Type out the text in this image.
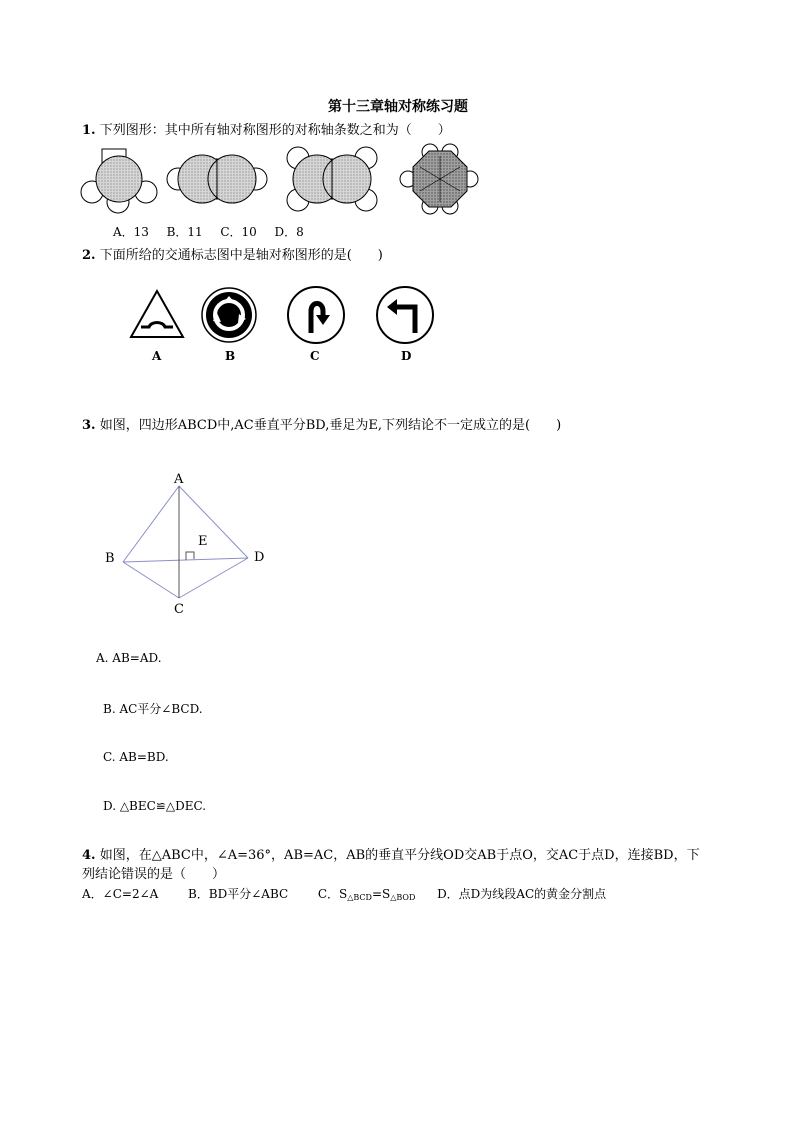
第十三章轴对称练习题
1. 下列图形：其中所有轴对称图形的对称轴条数之和为（　　）
A．13 B．11 C．10 D．8
2. 下面所给的交通标志图中是轴对称图形的是(　　)
A	B	C	D
3. 如图，四边形ABCD中,AC垂直平分BD,垂足为E,下列结论不一定成立的是(　　)
A
B
C
D
E
A. AB=AD.
B. AC平分∠BCD.
C. AB=BD.
D. △BEC≌△DEC.
4. 如图，在△ABC中，∠A=36°，AB=AC，AB的垂直平分线OD交AB于点O，交AC于点D，连接BD，下
列结论错误的是（　　）
A．∠C=2∠A B．BD平分∠ABC C．$S_{\triangle BCD}=S_{\triangle BOD}$ D．点D为线段AC的黄金分割点
